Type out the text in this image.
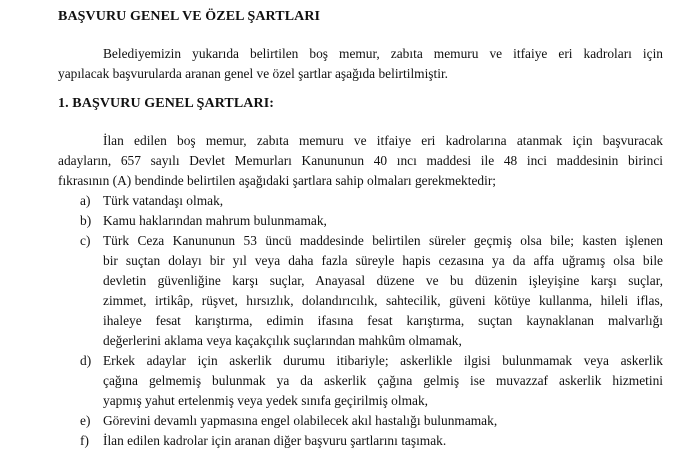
BAŞVURU GENEL VE ÖZEL ŞARTLARI
Belediyemizin yukarıda belirtilen boş memur, zabıta memuru ve itfaiye eri kadroları için
yapılacak başvurularda aranan genel ve özel şartlar aşağıda belirtilmiştir.
1. BAŞVURU GENEL ŞARTLARI:
İlan edilen boş memur, zabıta memuru ve itfaiye eri kadrolarına atanmak için başvuracak
adayların, 657 sayılı Devlet Memurları Kanununun 40 ıncı maddesi ile 48 inci maddesinin birinci
fıkrasının (A) bendinde belirtilen aşağıdaki şartlara sahip olmaları gerekmektedir;
a) Türk vatandaşı olmak,
b) Kamu haklarından mahrum bulunmamak,
c) Türk Ceza Kanununun 53 üncü maddesinde belirtilen süreler geçmiş olsa bile; kasten işlenen
bir suçtan dolayı bir yıl veya daha fazla süreyle hapis cezasına ya da affa uğramış olsa bile
devletin güvenliğine karşı suçlar, Anayasal düzene ve bu düzenin işleyişine karşı suçlar,
zimmet, irtikâp, rüşvet, hırsızlık, dolandırıcılık, sahtecilik, güveni kötüye kullanma, hileli iflas,
ihaleye fesat karıştırma, edimin ifasına fesat karıştırma, suçtan kaynaklanan malvarlığı
değerlerini aklama veya kaçakçılık suçlarından mahkûm olmamak,
d) Erkek adaylar için askerlik durumu itibariyle; askerlikle ilgisi bulunmamak veya askerlik
çağına gelmemiş bulunmak ya da askerlik çağına gelmiş ise muvazzaf askerlik hizmetini
yapmış yahut ertelenmiş veya yedek sınıfa geçirilmiş olmak,
e) Görevini devamlı yapmasına engel olabilecek akıl hastalığı bulunmamak,
f) İlan edilen kadrolar için aranan diğer başvuru şartlarını taşımak.
